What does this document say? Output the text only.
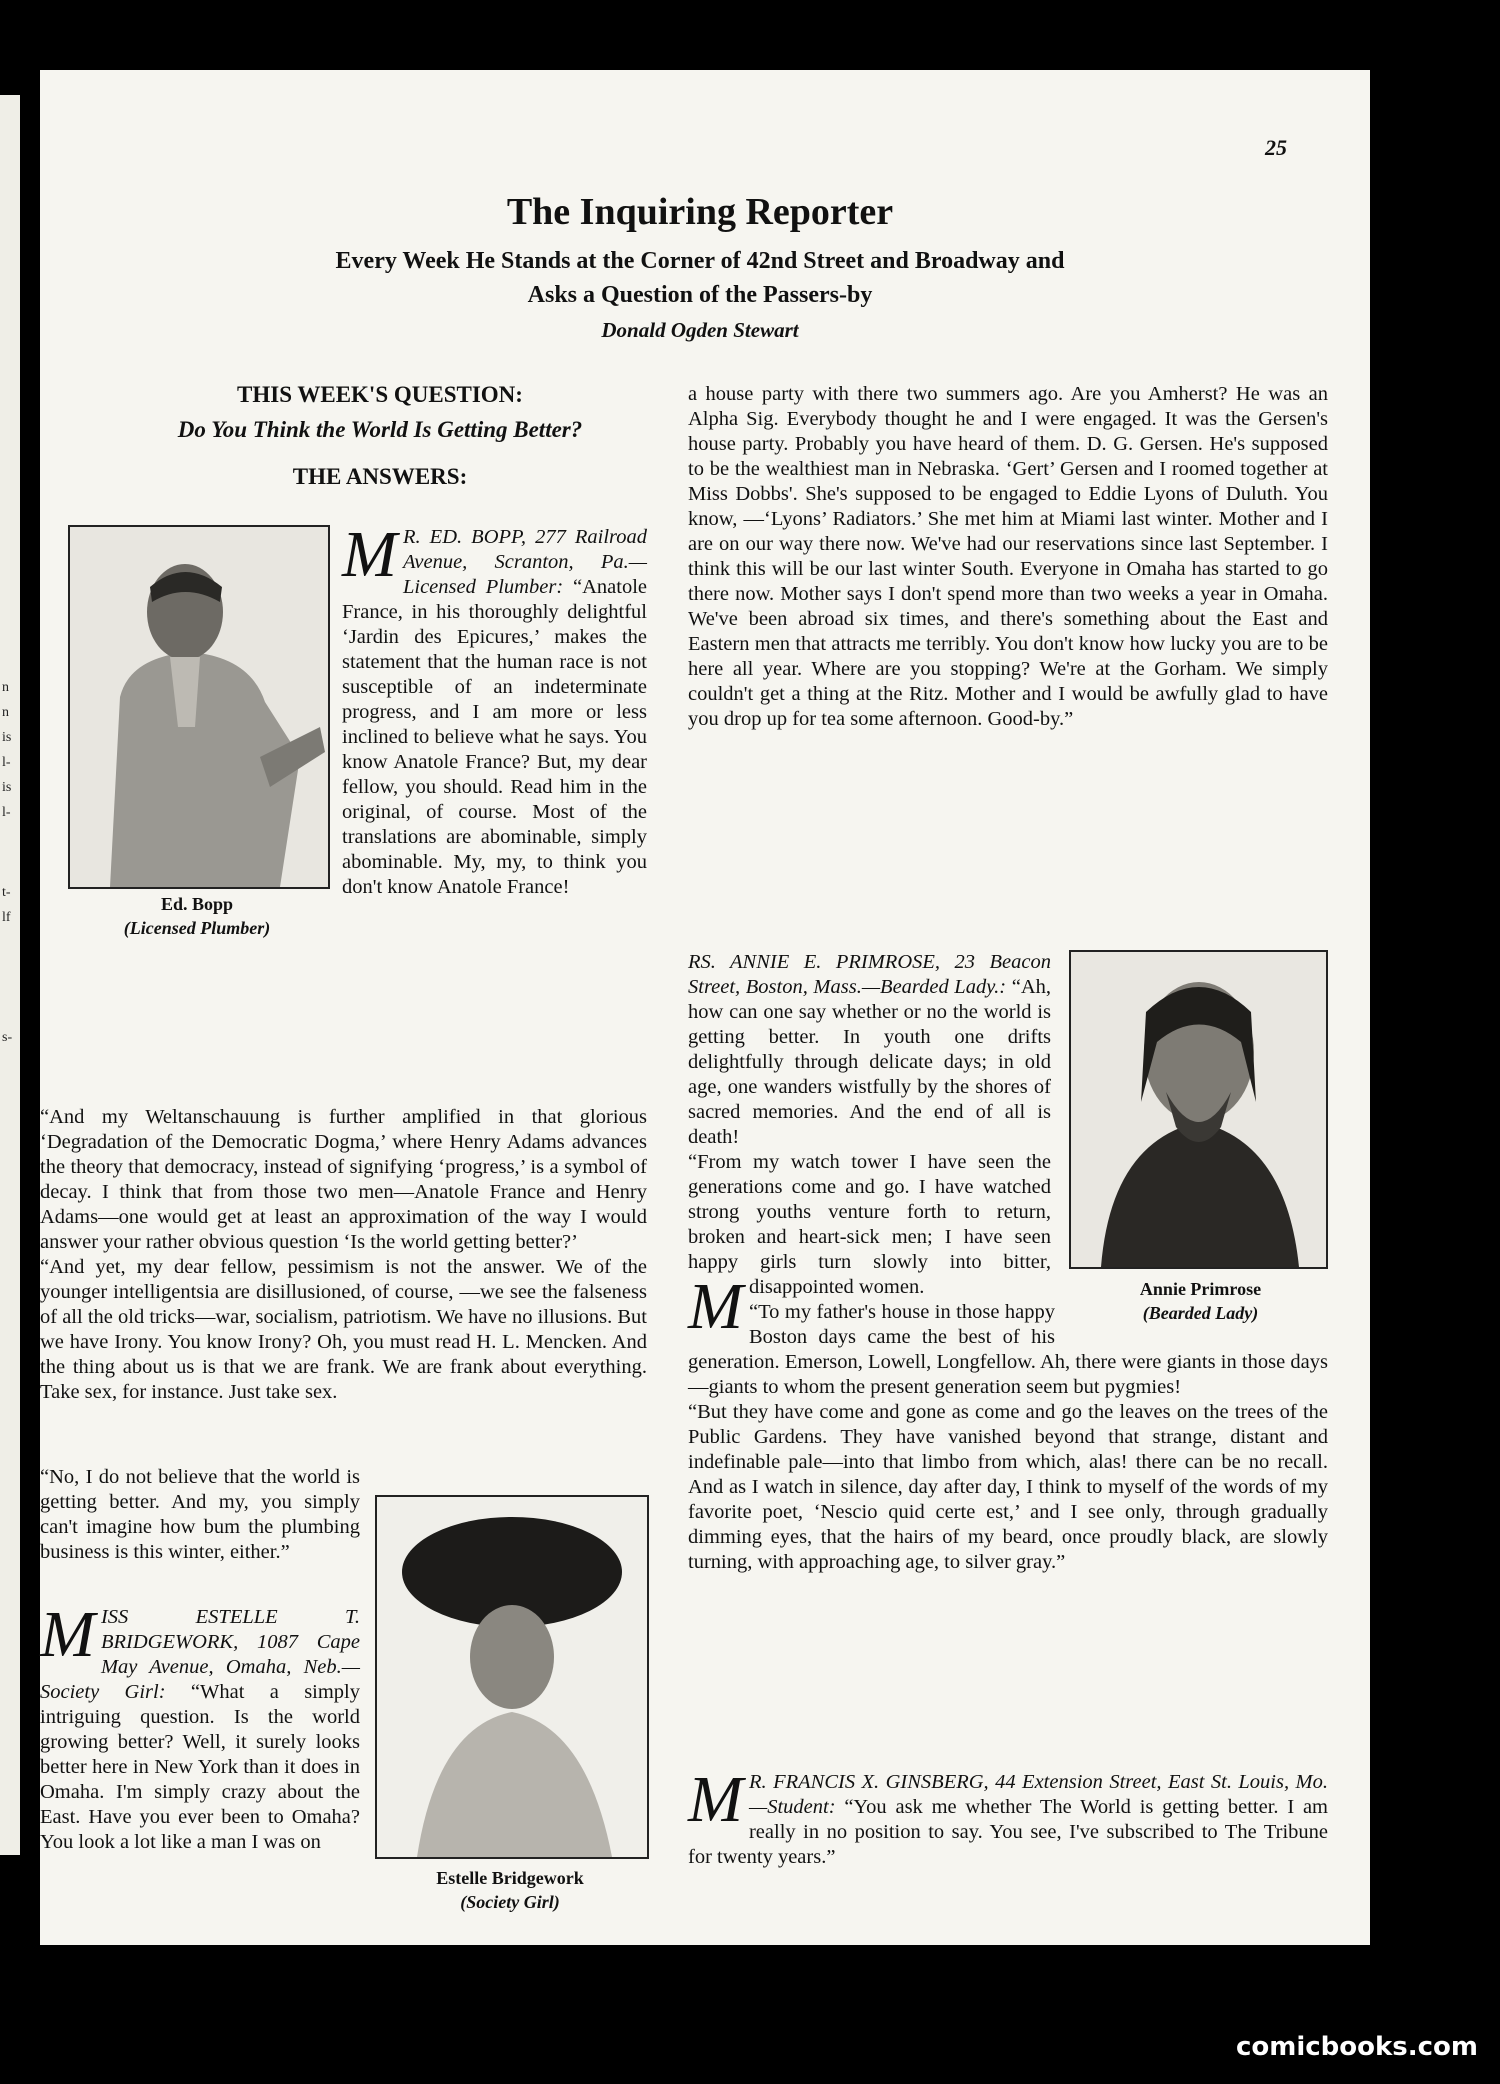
n
n
is
l-
is
l-
t-
lf
s-
25
The Inquiring Reporter
Every Week He Stands at the Corner of 42nd Street and Broadway and
Asks a Question of the Passers-by
Donald Ogden Stewart
THIS WEEK'S QUESTION:
Do You Think the World Is Getting Better?
THE ANSWERS:
Ed. Bopp
(Licensed Plumber)

M R. ED. BOPP, 277 Railroad Avenue, Scranton, Pa.—Licensed Plumber: “Anatole France, in his thoroughly delightful ‘Jardin des Epicures,’ makes the statement that the human race is not susceptible of an indeterminate progress, and I am more or less inclined to believe what he says. You know Anatole France? But, my dear fellow, you should. Read him in the original, of course. Most of the translations are abominable, simply abominable. My, my, to think you don't know Anatole France!

“And my Weltanschauung is further amplified in that glorious ‘Degradation of the Democratic Dogma,’ where Henry Adams advances the theory that democracy, instead of signifying ‘progress,’ is a symbol of decay. I think that from those two men—Anatole France and Henry Adams—one would get at least an approximation of the way I would answer your rather obvious question ‘Is the world getting better?’

“And yet, my dear fellow, pessimism is not the answer. We of the younger intelligentsia are disillusioned, of course, —we see the falseness of all the old tricks—war, socialism, patriotism. We have no illusions. But we have Irony. You know Irony? Oh, you must read H. L. Mencken. And the thing about us is that we are frank. We are frank about everything. Take sex, for instance. Just take sex.

“No, I do not believe that the world is getting better. And my, you simply can't imagine how bum the plumbing business is this winter, either.”

Estelle Bridgework
(Society Girl)

MISS ESTELLE T. BRIDGEWORK, 1087 Cape May Avenue, Omaha, Neb.—Society Girl: “What a simply intriguing question. Is the world growing better? Well, it surely looks better here in New York than it does in Omaha. I'm simply crazy about the East. Have you ever been to Omaha? You look a lot like a man I was on

a house party with there two summers ago. Are you Amherst? He was an Alpha Sig. Everybody thought he and I were engaged. It was the Gersen's house party. Probably you have heard of them. D. G. Gersen. He's supposed to be the wealthiest man in Nebraska. ‘Gert’ Gersen and I roomed together at Miss Dobbs'. She's supposed to be engaged to Eddie Lyons of Duluth. You know, —‘Lyons’ Radiators.’ She met him at Miami last winter. Mother and I are on our way there now. We've had our reservations since last September. I think this will be our last winter South. Everyone in Omaha has started to go there now. Mother says I don't spend more than two weeks a year in Omaha. We've been abroad six times, and there's something about the East and Eastern men that attracts me terribly. You don't know how lucky you are to be here all year. Where are you stopping? We're at the Gorham. We simply couldn't get a thing at the Ritz. Mother and I would be awfully glad to have you drop up for tea some afternoon. Good-by.”

Annie Primrose
(Bearded Lady)

M
RS. ANNIE E. PRIMROSE, 23 Beacon Street, Boston, Mass.—Bearded Lady.: “Ah, how can one say whether or no the world is getting better. In youth one drifts delightfully through delicate days; in old age, one wanders wistfully by the shores of sacred memories. And the end of all is death!

“From my watch tower I have seen the generations come and go. I have watched strong youths venture forth to return, broken and heart-sick men; I have seen happy girls turn slowly into bitter, disappointed women.

“To my father's house in those happy Boston days came the best of his generation. Emerson, Lowell, Longfellow. Ah, there were giants in those days—giants to whom the present generation seem but pygmies!

“But they have come and gone as come and go the leaves on the trees of the Public Gardens. They have vanished beyond that strange, distant and indefinable pale—into that limbo from which, alas! there can be no recall. And as I watch in silence, day after day, I think to myself of the words of my favorite poet, ‘Nescio quid certe est,’ and I see only, through gradually dimming eyes, that the hairs of my beard, once proudly black, are slowly turning, with approaching age, to silver gray.”

M R. FRANCIS X. GINSBERG, 44 Extension Street, East St. Louis, Mo.—Student: “You ask me whether The World is getting better. I am really in no position to say. You see, I've subscribed to The Tribune for twenty years.”

comicbooks.com
